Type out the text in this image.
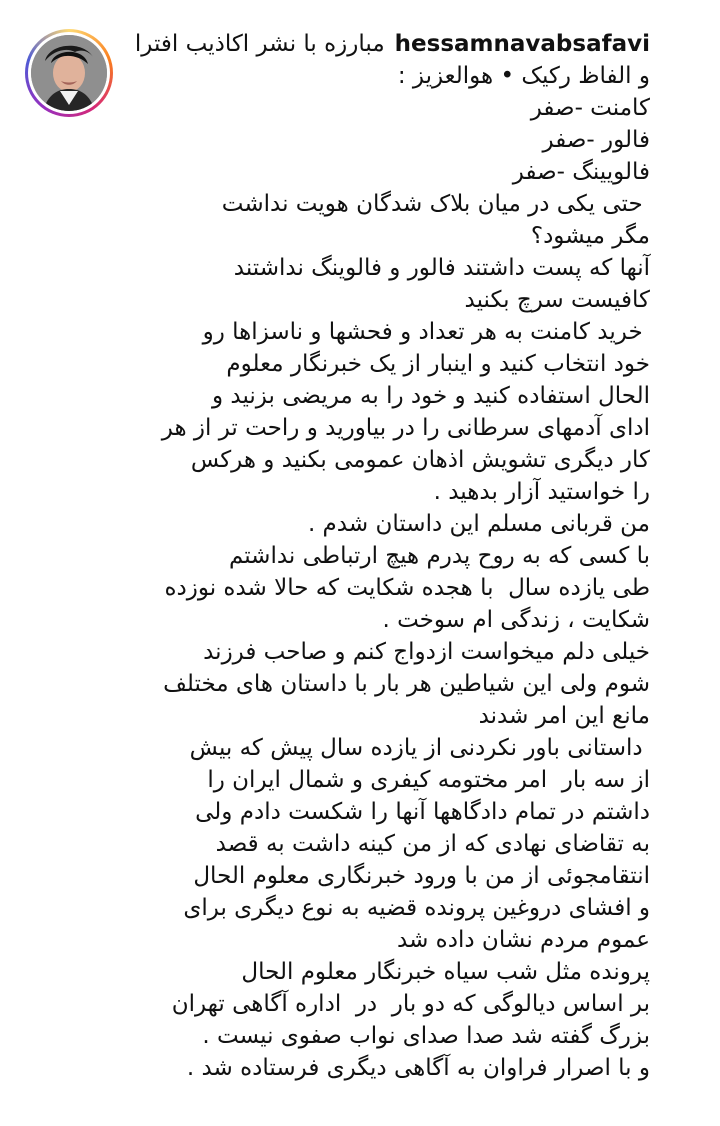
hessamnavabsafaviمبارزه با نشر اکاذیب افترا
و الفاظ رکیک • هوالعزیز :
کامنت -صفر
فالور -صفر
فالویینگ -صفر
حتی یکی در میان بلاک شدگان هویت نداشت
مگر میشود؟
آنها که پست داشتند فالور و فالوینگ نداشتند
کافیست سرچ بکنید
خرید کامنت به هر تعداد و فحشها و ناسزاها رو
خود انتخاب کنید و اینبار از یک خبرنگار معلوم
الحال استفاده کنید و خود را به مریضی بزنید و
ادای آدمهای سرطانی را در بیاورید و راحت تر از هر
کار دیگری تشویش اذهان عمومی بکنید و هرکس
را خواستید آزار بدهید .
من قربانی مسلم این داستان شدم .
با کسی که به روح پدرم هیچ ارتباطی نداشتم
طی یازده سال  با هجده شکایت که حالا شده نوزده
شکایت ، زندگی ام سوخت .
خیلی دلم میخواست ازدواج کنم و صاحب فرزند
شوم ولی این شیاطین هر بار با داستان های مختلف
مانع این امر شدند
داستانی باور نکردنی از یازده سال پیش که بیش
از سه بار  امر مختومه کیفری و شمال ایران را
داشتم در تمام دادگاهها آنها را شکست دادم ولی
به تقاضای نهادی که از من کینه داشت به قصد
انتقامجوئی از من با ورود خبرنگاری معلوم الحال
و افشای دروغین پرونده قضیه به نوع دیگری برای
عموم مردم نشان داده شد
پرونده مثل شب سیاه خبرنگار معلوم الحال
بر اساس دیالوگی که دو بار  در  اداره آگاهی تهران
بزرگ گفته شد صدا صدای نواب صفوی نیست .
و با اصرار فراوان به آگاهی دیگری فرستاده شد .
